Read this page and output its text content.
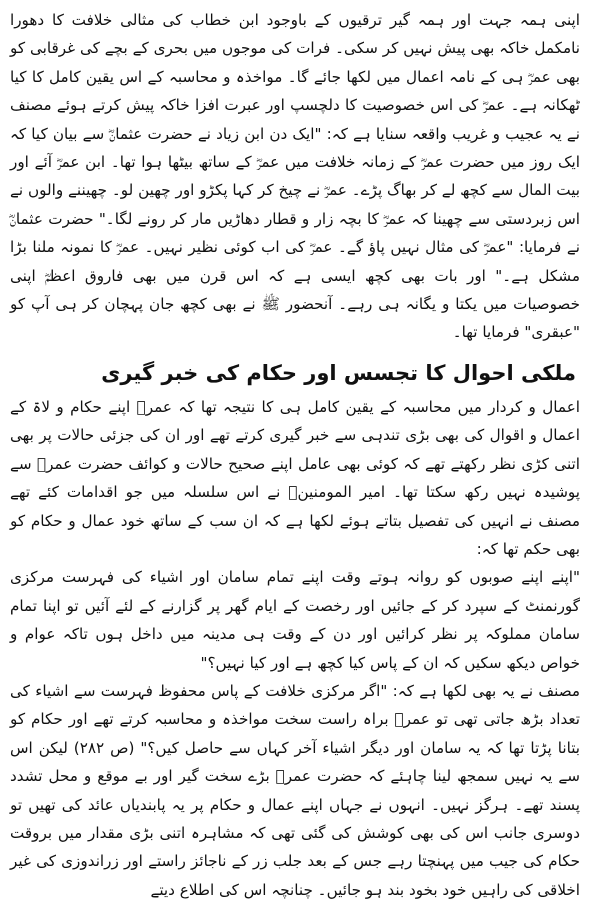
اپنی ہمہ جہت اور ہمہ گیر ترقیوں کے باوجود ابن خطاب کی مثالی خلافت کا دھورا نامکمل خاکہ بھی پیش نہیں کر سکی۔ فرات کی موجوں میں بحری کے بچے کی غرقابی کو بھی عمرؓ ہی کے نامہ اعمال میں لکھا جائے گا۔ مواخذہ و محاسبہ کے اس یقین کامل کا کیا ٹھکانہ ہے۔ عمرؓ کی اس خصوصیت کا دلچسپ اور عبرت افزا خاکہ پیش کرتے ہوئے مصنف نے یہ عجیب و غریب واقعہ سنایا ہے کہ: "ایک دن ابن زیاد نے حضرت عثمانؓ سے بیان کیا کہ ایک روز میں حضرت عمرؓ کے زمانہ خلافت میں عمرؓ کے ساتھ بیٹھا ہوا تھا۔ ابن عمرؓ آئے اور بیت المال سے کچھ لے کر بھاگ پڑے۔ عمرؓ نے چیخ کر کہا پکڑو اور چھین لو۔ چھیننے والوں نے اس زبردستی سے چھینا کہ عمرؓ کا بچہ زار و قطار دھاڑیں مار کر رونے لگا۔" حضرت عثمانؓ نے فرمایا: "عمرؓ کی مثال نہیں پاؤ گے۔ عمرؓ کی اب کوئی نظیر نہیں۔ عمرؓ کا نمونہ ملنا بڑا مشکل ہے۔" اور بات بھی کچھ ایسی ہے کہ اس قرن میں بھی فاروق اعظمؓ اپنی خصوصیات میں یکتا و یگانہ ہی رہے۔ آنحضور ﷺ نے بھی کچھ جان پہچان کر ہی آپ کو "عبقری" فرمایا تھا۔

ملکی احوال کا تجسس اور حکام کی خبر گیری

اعمال و کردار میں محاسبہ کے یقین کامل ہی کا نتیجہ تھا کہ عمرؓ اپنے حکام و لاۃ کے اعمال و اقوال کی بھی بڑی تندہی سے خبر گیری کرتے تھے اور ان کی جزئی حالات پر بھی اتنی کڑی نظر رکھتے تھے کہ کوئی بھی عامل اپنے صحیح حالات و کوائف حضرت عمرؓ سے پوشیدہ نہیں رکھ سکتا تھا۔ امیر المومنینؓ نے اس سلسلہ میں جو اقدامات کئے تھے مصنف نے انہیں کی تفصیل بتاتے ہوئے لکھا ہے کہ ان سب کے ساتھ خود عمال و حکام کو بھی حکم تھا کہ:

"اپنے اپنے صوبوں کو روانہ ہوتے وقت اپنے تمام سامان اور اشیاء کی فہرست مرکزی گورنمنٹ کے سپرد کر کے جائیں اور رخصت کے ایام گھر پر گزارنے کے لئے آئیں تو اپنا تمام سامان مملوکہ پر نظر کرائیں اور دن کے وقت ہی مدینہ میں داخل ہوں تاکہ عوام و خواص دیکھ سکیں کہ ان کے پاس کیا کچھ ہے اور کیا نہیں؟"

مصنف نے یہ بھی لکھا ہے کہ: "اگر مرکزی خلافت کے پاس محفوظ فہرست سے اشیاء کی تعداد بڑھ جاتی تھی تو عمرؓ براہ راست سخت مواخذہ و محاسبہ کرتے تھے اور حکام کو بتانا پڑتا تھا کہ یہ سامان اور دیگر اشیاء آخر کہاں سے حاصل کیں؟" (ص ۲۸۲) لیکن اس سے یہ نہیں سمجھ لینا چاہئے کہ حضرت عمرؓ بڑے سخت گیر اور بے موقع و محل تشدد پسند تھے۔ ہرگز نہیں۔ انہوں نے جہاں اپنے عمال و حکام پر یہ پابندیاں عائد کی تھیں تو دوسری جانب اس کی بھی کوشش کی گئی تھی کہ مشاہرہ اتنی بڑی مقدار میں بروقت حکام کی جیب میں پہنچتا رہے جس کے بعد جلب زر کے ناجائز راستے اور زراندوزی کی غیر اخلاقی کی راہیں خود بخود بند ہو جائیں۔ چنانچہ اس کی اطلاع دیتے
